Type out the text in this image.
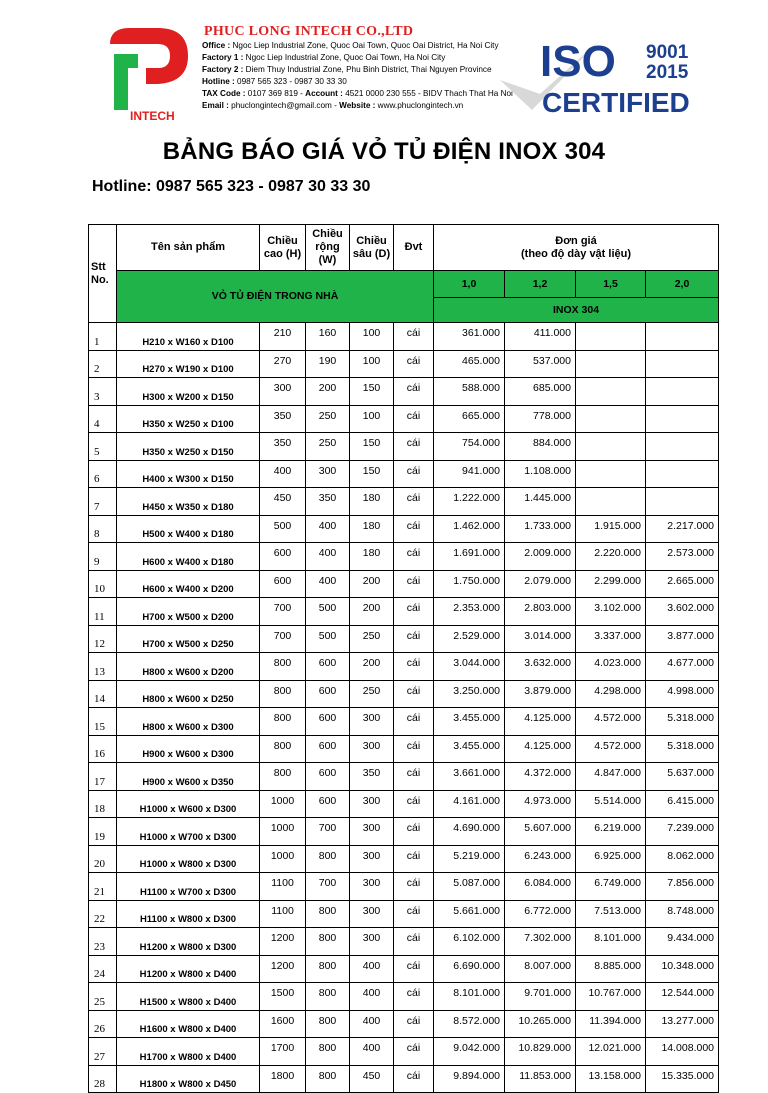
INTECH
PHUC LONG INTECH CO.,LTD
Office : Ngoc Liep Industrial Zone, Quoc Oai Town, Quoc Oai District, Ha Noi City
Factory 1 : Ngoc Liep Industrial Zone, Quoc Oai Town, Ha Noi City
Factory 2 : Diem Thuy Industrial Zone, Phu Binh District, Thai Nguyen Province
Hotline : 0987 565 323 - 0987 30 33 30
TAX Code : 0107 369 819 - Account : 4521 0000 230 555 - BIDV Thach That Ha Noi
Email : phuclongintech@gmail.com - Website : www.phuclongintech.vn
ISO 9001
2015
CERTIFIED
BẢNG BÁO GIÁ VỎ TỦ ĐIỆN INOX 304
Hotline: 0987 565 323 - 0987 30 33 30
Stt No.	Tên sản phẩm	Chiều cao (H)	Chiều rộng (W)	Chiều sâu (D)	Đvt	Đơn giá
(theo độ dày vật liệu)			

	VỎ TỦ ĐIỆN TRONG NHÀ					1,0	1,2	1,5	2,0
						INOX 304			
1	H210 x W160 x D100	210	160	100	cái	361.000	411.000		
2	H270 x W190 x D100	270	190	100	cái	465.000	537.000		
3	H300 x W200 x D150	300	200	150	cái	588.000	685.000		
4	H350 x W250 x D100	350	250	100	cái	665.000	778.000		
5	H350 x W250 x D150	350	250	150	cái	754.000	884.000		
6	H400 x W300 x D150	400	300	150	cái	941.000	1.108.000		
7	H450 x W350 x D180	450	350	180	cái	1.222.000	1.445.000		
8	H500 x W400 x D180	500	400	180	cái	1.462.000	1.733.000	1.915.000	2.217.000
9	H600 x W400 x D180	600	400	180	cái	1.691.000	2.009.000	2.220.000	2.573.000
10	H600 x W400 x D200	600	400	200	cái	1.750.000	2.079.000	2.299.000	2.665.000
11	H700 x W500 x D200	700	500	200	cái	2.353.000	2.803.000	3.102.000	3.602.000
12	H700 x W500 x D250	700	500	250	cái	2.529.000	3.014.000	3.337.000	3.877.000
13	H800 x W600 x D200	800	600	200	cái	3.044.000	3.632.000	4.023.000	4.677.000
14	H800 x W600 x D250	800	600	250	cái	3.250.000	3.879.000	4.298.000	4.998.000
15	H800 x W600 x D300	800	600	300	cái	3.455.000	4.125.000	4.572.000	5.318.000
16	H900 x W600 x D300	800	600	300	cái	3.455.000	4.125.000	4.572.000	5.318.000
17	H900 x W600 x D350	800	600	350	cái	3.661.000	4.372.000	4.847.000	5.637.000
18	H1000 x W600 x D300	1000	600	300	cái	4.161.000	4.973.000	5.514.000	6.415.000
19	H1000 x W700 x D300	1000	700	300	cái	4.690.000	5.607.000	6.219.000	7.239.000
20	H1000 x W800 x D300	1000	800	300	cái	5.219.000	6.243.000	6.925.000	8.062.000
21	H1100 x W700 x D300	1100	700	300	cái	5.087.000	6.084.000	6.749.000	7.856.000
22	H1100 x W800 x D300	1100	800	300	cái	5.661.000	6.772.000	7.513.000	8.748.000
23	H1200 x W800 x D300	1200	800	300	cái	6.102.000	7.302.000	8.101.000	9.434.000
24	H1200 x W800 x D400	1200	800	400	cái	6.690.000	8.007.000	8.885.000	10.348.000
25	H1500 x W800 x D400	1500	800	400	cái	8.101.000	9.701.000	10.767.000	12.544.000
26	H1600 x W800 x D400	1600	800	400	cái	8.572.000	10.265.000	11.394.000	13.277.000
27	H1700 x W800 x D400	1700	800	400	cái	9.042.000	10.829.000	12.021.000	14.008.000
28	H1800 x W800 x D450	1800	800	450	cái	9.894.000	11.853.000	13.158.000	15.335.000
